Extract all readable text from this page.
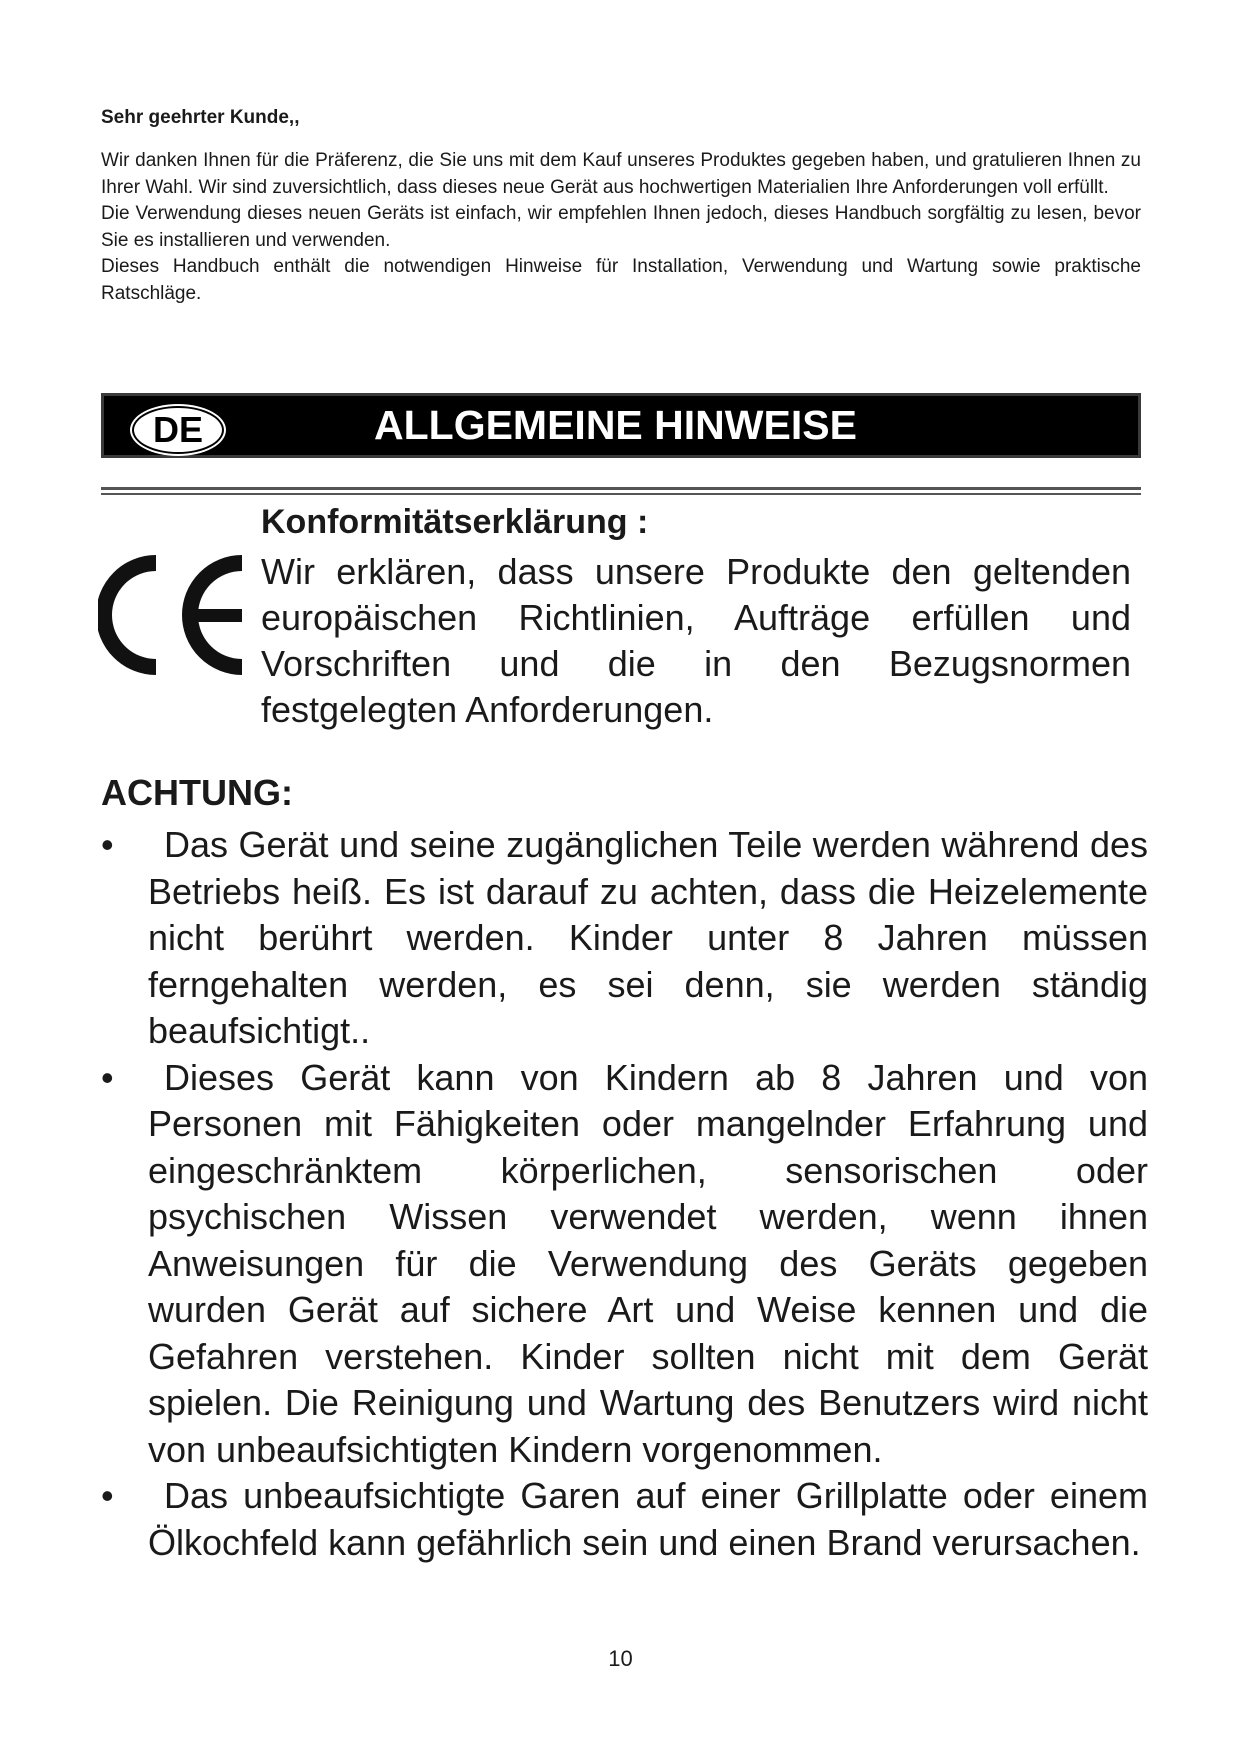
Sehr geehrter Kunde,,

Wir danken Ihnen für die Präferenz, die Sie uns mit dem Kauf unseres Produktes gegeben haben, und gratulieren Ihnen zu Ihrer Wahl. Wir sind zuversichtlich, dass dieses neue Gerät aus hochwertigen Materialien Ihre Anforderungen voll erfüllt.

Die Verwendung dieses neuen Geräts ist einfach, wir empfehlen Ihnen jedoch, dieses Handbuch sorgfältig zu lesen, bevor Sie es installieren und verwenden.

Dieses Handbuch enthält die notwendigen Hinweise für Installation, Verwendung und Wartung sowie praktische Ratschläge.

DE	ALLGEMEINE HINWEISE
Konformitätserklärung :

Wir erklären, dass unsere Produkte den geltenden europäischen Richtlinien, Aufträge erfüllen und Vorschriften und die in den Bezugsnormen festgelegten Anforderungen.

ACHTUNG:
•	Das Gerät und seine zugänglichen Teile werden während des Betriebs heiß. Es ist darauf zu achten, dass die Heizelemente nicht berührt werden. Kinder unter 8 Jahren müssen ferngehalten werden, es sei denn, sie werden ständig beaufsichtigt..
•	Dieses Gerät kann von Kindern ab 8 Jahren und von Personen mit Fähigkeiten oder mangelnder Erfahrung und eingeschränktem körperlichen, sensorischen oder psychischen Wissen verwendet werden, wenn ihnen Anweisungen für die Verwendung des Geräts gegeben wurden Gerät auf sichere Art und Weise kennen und die Gefahren verstehen. Kinder sollten nicht mit dem Gerät spielen. Die Reinigung und Wartung des Benutzers wird nicht von unbeaufsichtigten Kindern vorgenommen.
•	Das unbeaufsichtigte Garen auf einer Grillplatte oder einem Ölkochfeld kann gefährlich sein und einen Brand verursachen.

10
